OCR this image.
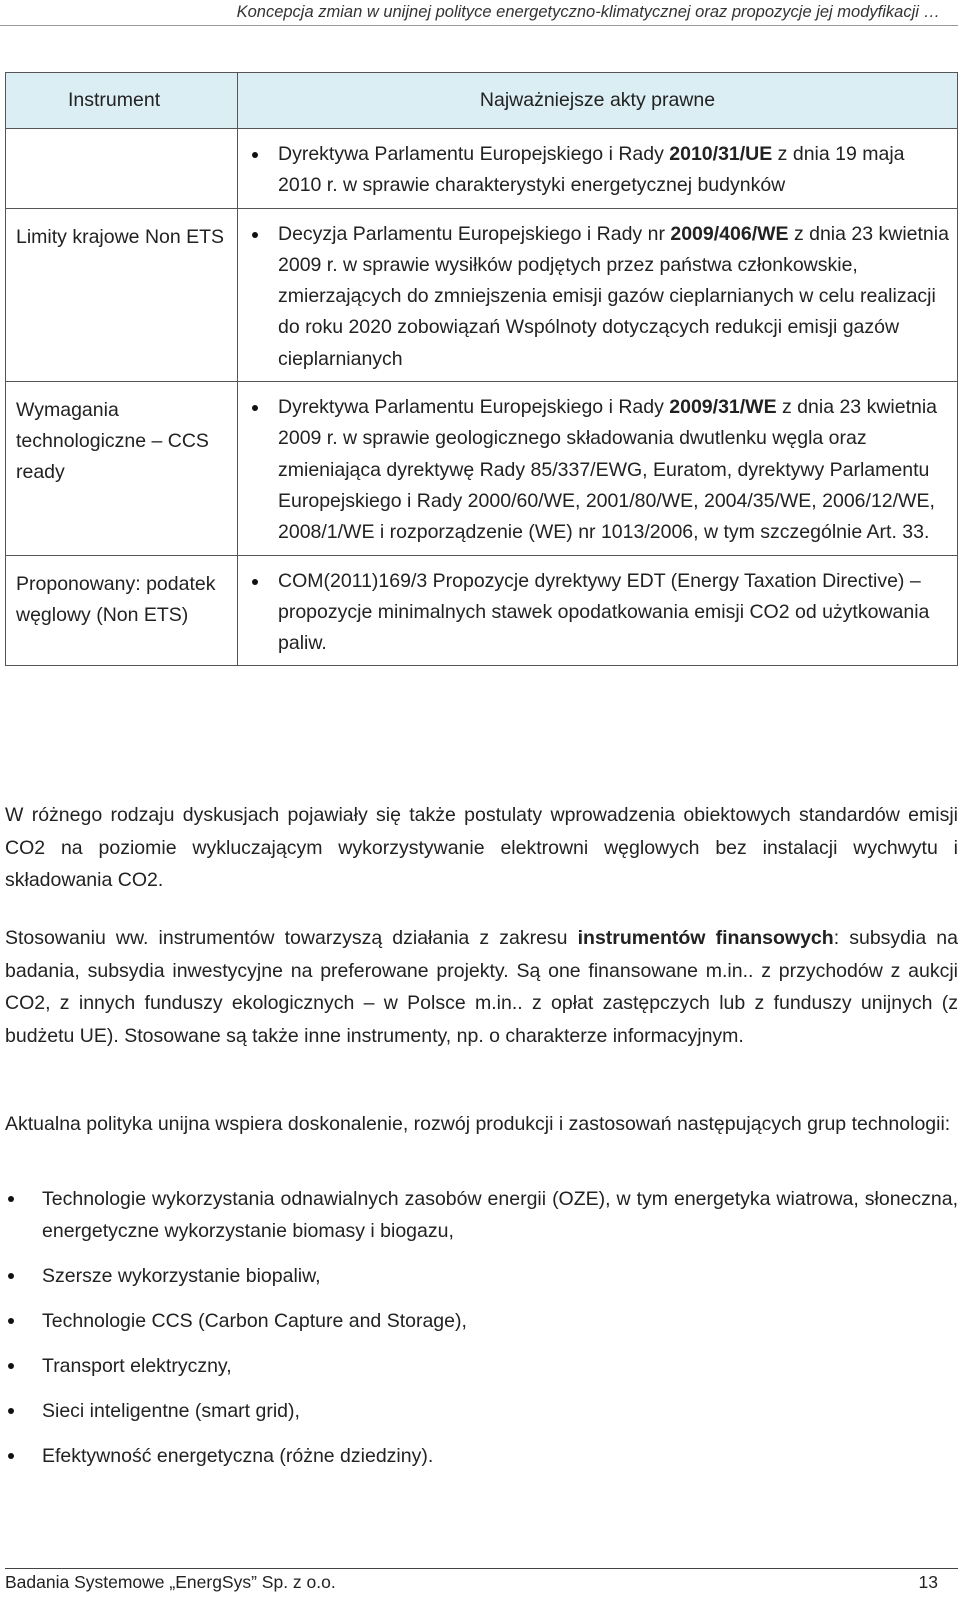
Koncepcja zmian w unijnej polityce energetyczno-klimatycznej oraz propozycje jej modyfikacji …
Instrument	Najważniejsze akty prawne

	Dyrektywa Parlamentu Europejskiego i Rady 2010/31/UE z dnia 19 maja 2010 r. w sprawie charakterystyki energetycznej budynków

Limity krajowe Non ETS	Decyzja Parlamentu Europejskiego i Rady nr 2009/406/WE z dnia 23 kwietnia 2009 r. w sprawie wysiłków podjętych przez państwa członkowskie, zmierzających do zmniejszenia emisji gazów cieplarnianych w celu realizacji do roku 2020 zobowiązań Wspólnoty dotyczących redukcji emisji gazów cieplarnianych

Wymagania technologiczne – CCS ready	Dyrektywa Parlamentu Europejskiego i Rady 2009/31/WE z dnia 23 kwietnia 2009 r. w sprawie geologicznego składowania dwutlenku węgla oraz zmieniająca dyrektywę Rady 85/337/EWG, Euratom, dyrektywy Parlamentu Europejskiego i Rady 2000/60/WE, 2001/80/WE, 2004/35/WE, 2006/12/WE, 2008/1/WE i rozporządzenie (WE) nr 1013/2006, w tym szczególnie Art. 33.

Proponowany: podatek węglowy (Non ETS)	COM(2011)169/3 Propozycje dyrektywy EDT (Energy Taxation Directive) – propozycje minimalnych stawek opodatkowania emisji CO2 od użytkowania paliw.

W różnego rodzaju dyskusjach pojawiały się także postulaty wprowadzenia obiektowych standardów emisji CO2 na poziomie wykluczającym wykorzystywanie elektrowni węglowych bez instalacji wychwytu i składowania CO2.

Stosowaniu ww. instrumentów towarzyszą działania z zakresu instrumentów finansowych: subsydia na badania, subsydia inwestycyjne na preferowane projekty. Są one finansowane m.in.. z przychodów z aukcji CO2, z innych funduszy ekologicznych – w Polsce m.in.. z opłat zastępczych lub z funduszy unijnych (z budżetu UE). Stosowane są także inne instrumenty, np. o charakterze informacyjnym.

Aktualna polityka unijna wspiera doskonalenie, rozwój produkcji i zastosowań następujących grup technologii:

Technologie wykorzystania odnawialnych zasobów energii (OZE), w tym energetyka wiatrowa, słoneczna, energetyczne wykorzystanie biomasy i biogazu,
Szersze wykorzystanie biopaliw,
Technologie CCS (Carbon Capture and Storage),
Transport elektryczny,
Sieci inteligentne (smart grid),
Efektywność energetyczna (różne dziedziny).
Badania Systemowe „EnergSys” Sp. z o.o.	13
